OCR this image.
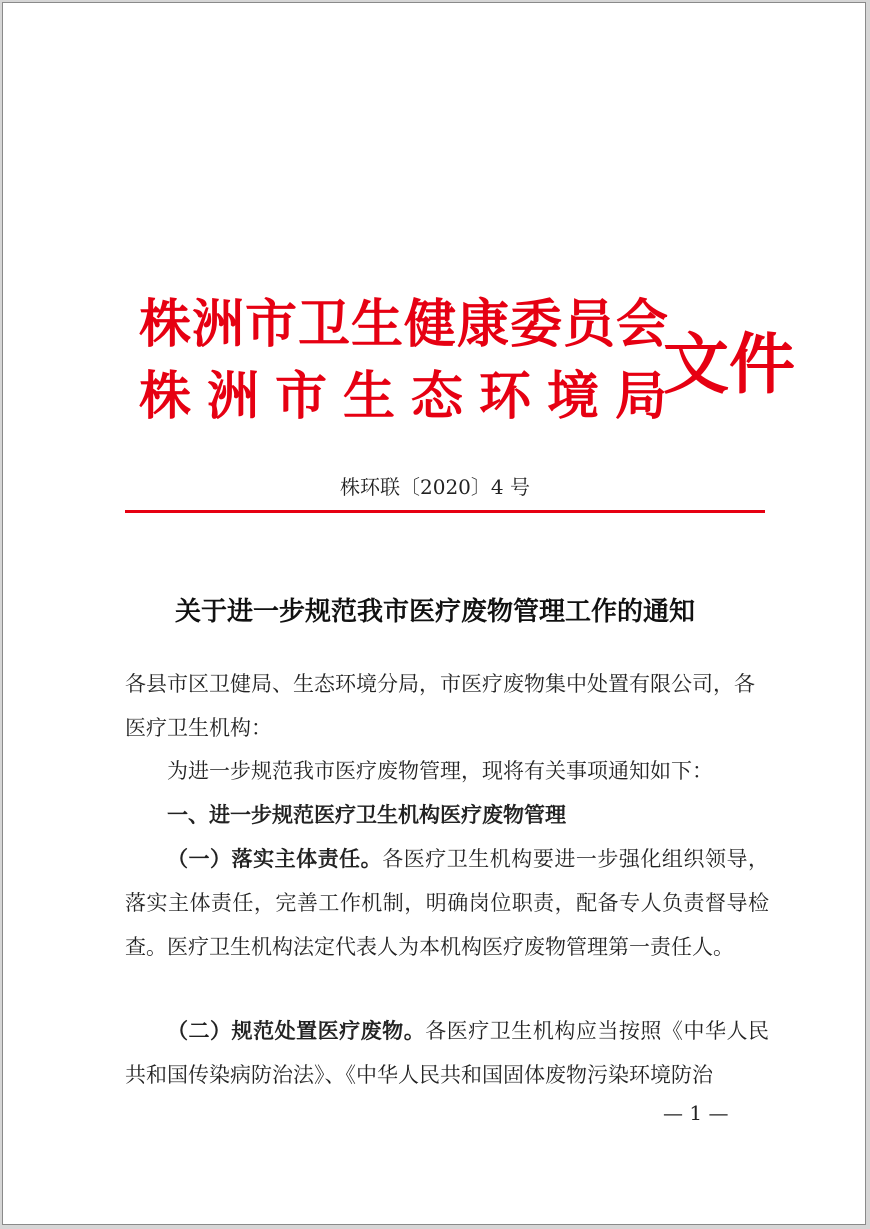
株洲市卫生健康委员会
株洲市生态环境局
文件
株环联〔2020〕4 号
关于进一步规范我市医疗废物管理工作的通知

各县市区卫健局、生态环境分局，市医疗废物集中处置有限公司，各医疗卫生机构：

为进一步规范我市医疗废物管理，现将有关事项通知如下：

一、进一步规范医疗卫生机构医疗废物管理

（一）落实主体责任。各医疗卫生机构要进一步强化组织领导，落实主体责任，完善工作机制，明确岗位职责，配备专人负责督导检查。医疗卫生机构法定代表人为本机构医疗废物管理第一责任人。

（二）规范处置医疗废物。各医疗卫生机构应当按照《中华人民共和国传染病防治法》、《中华人民共和国固体废物污染环境防治

— 1 —
